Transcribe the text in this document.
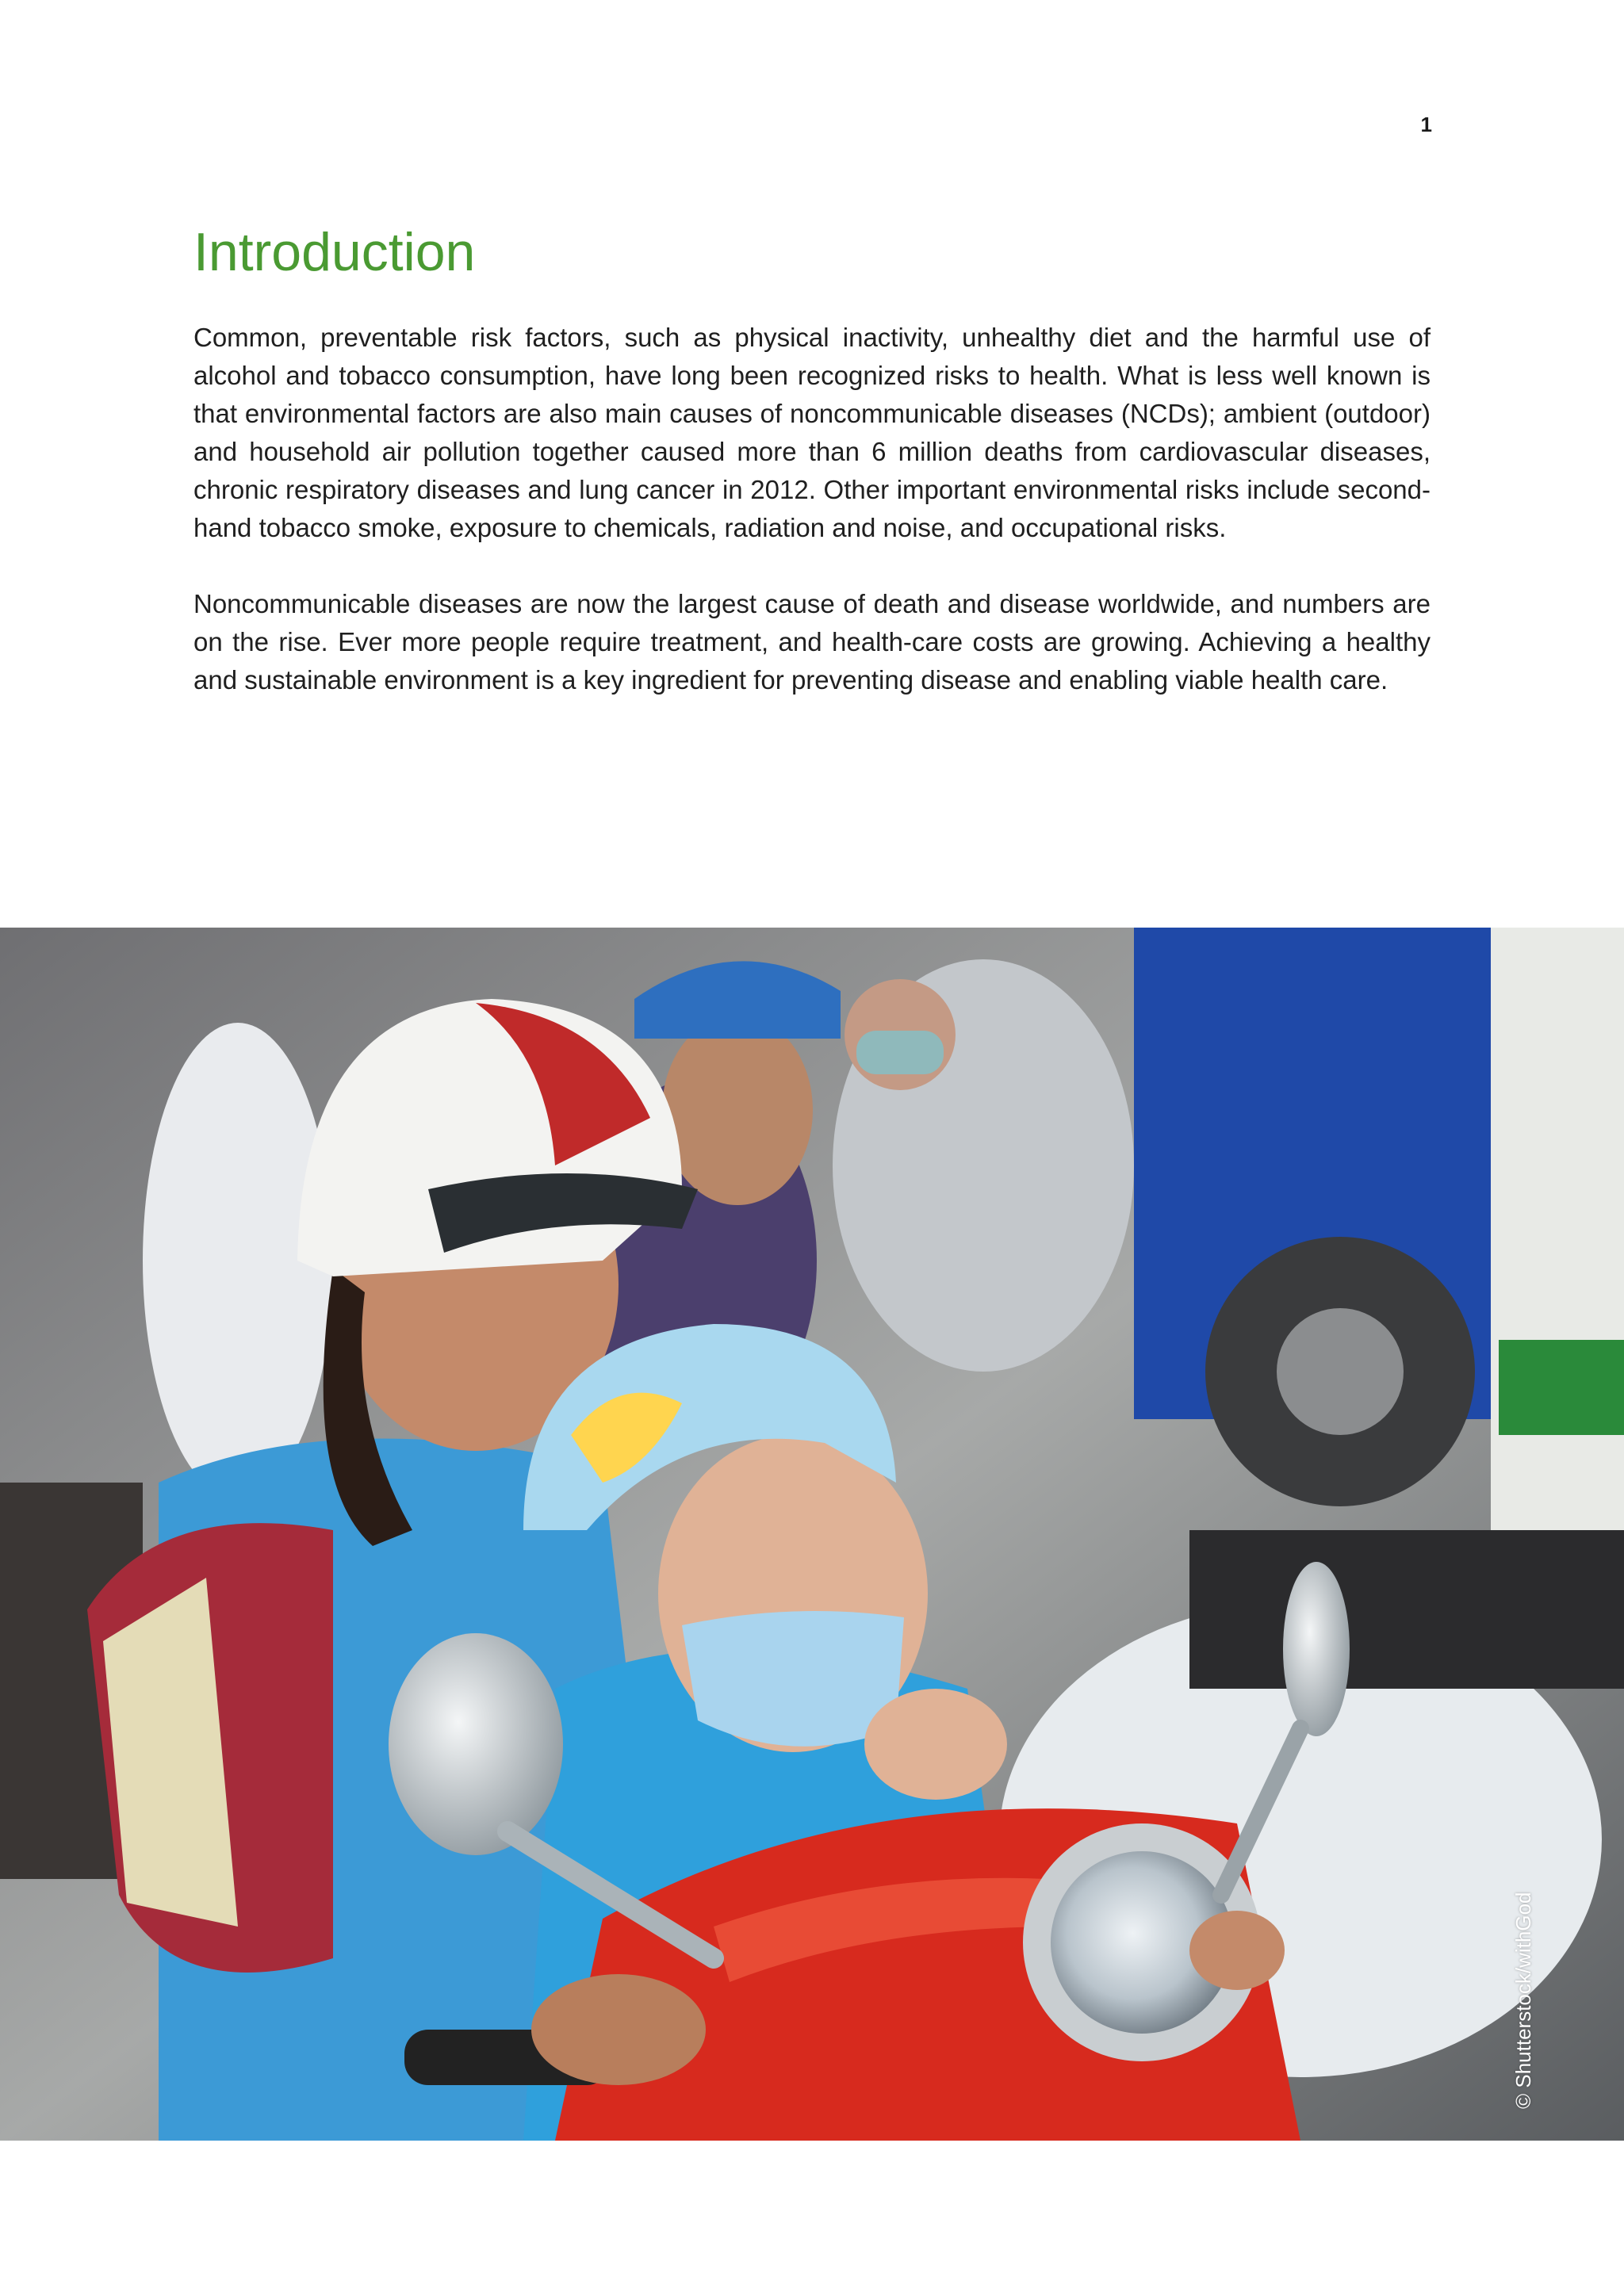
1
Introduction

Common, preventable risk factors, such as physical inactivity, unhealthy diet and the harmful use of alcohol and tobacco consumption, have long been recognized risks to health. What is less well known is that environmental factors are also main causes of noncommunicable diseases (NCDs); ambient (outdoor) and household air pollution together caused more than 6 million deaths from cardiovascular diseases, chronic respiratory diseases and lung cancer in 2012. Other important environmental risks include second-hand tobacco smoke, exposure to chemicals, radiation and noise, and occupational risks.

Noncommunicable diseases are now the largest cause of death and disease worldwide, and numbers are on the rise. Ever more people require treatment, and health-care costs are growing. Achieving a healthy and sustainable environment is a key ingredient for preventing disease and enabling viable health care.

© Shutterstock/withGod
